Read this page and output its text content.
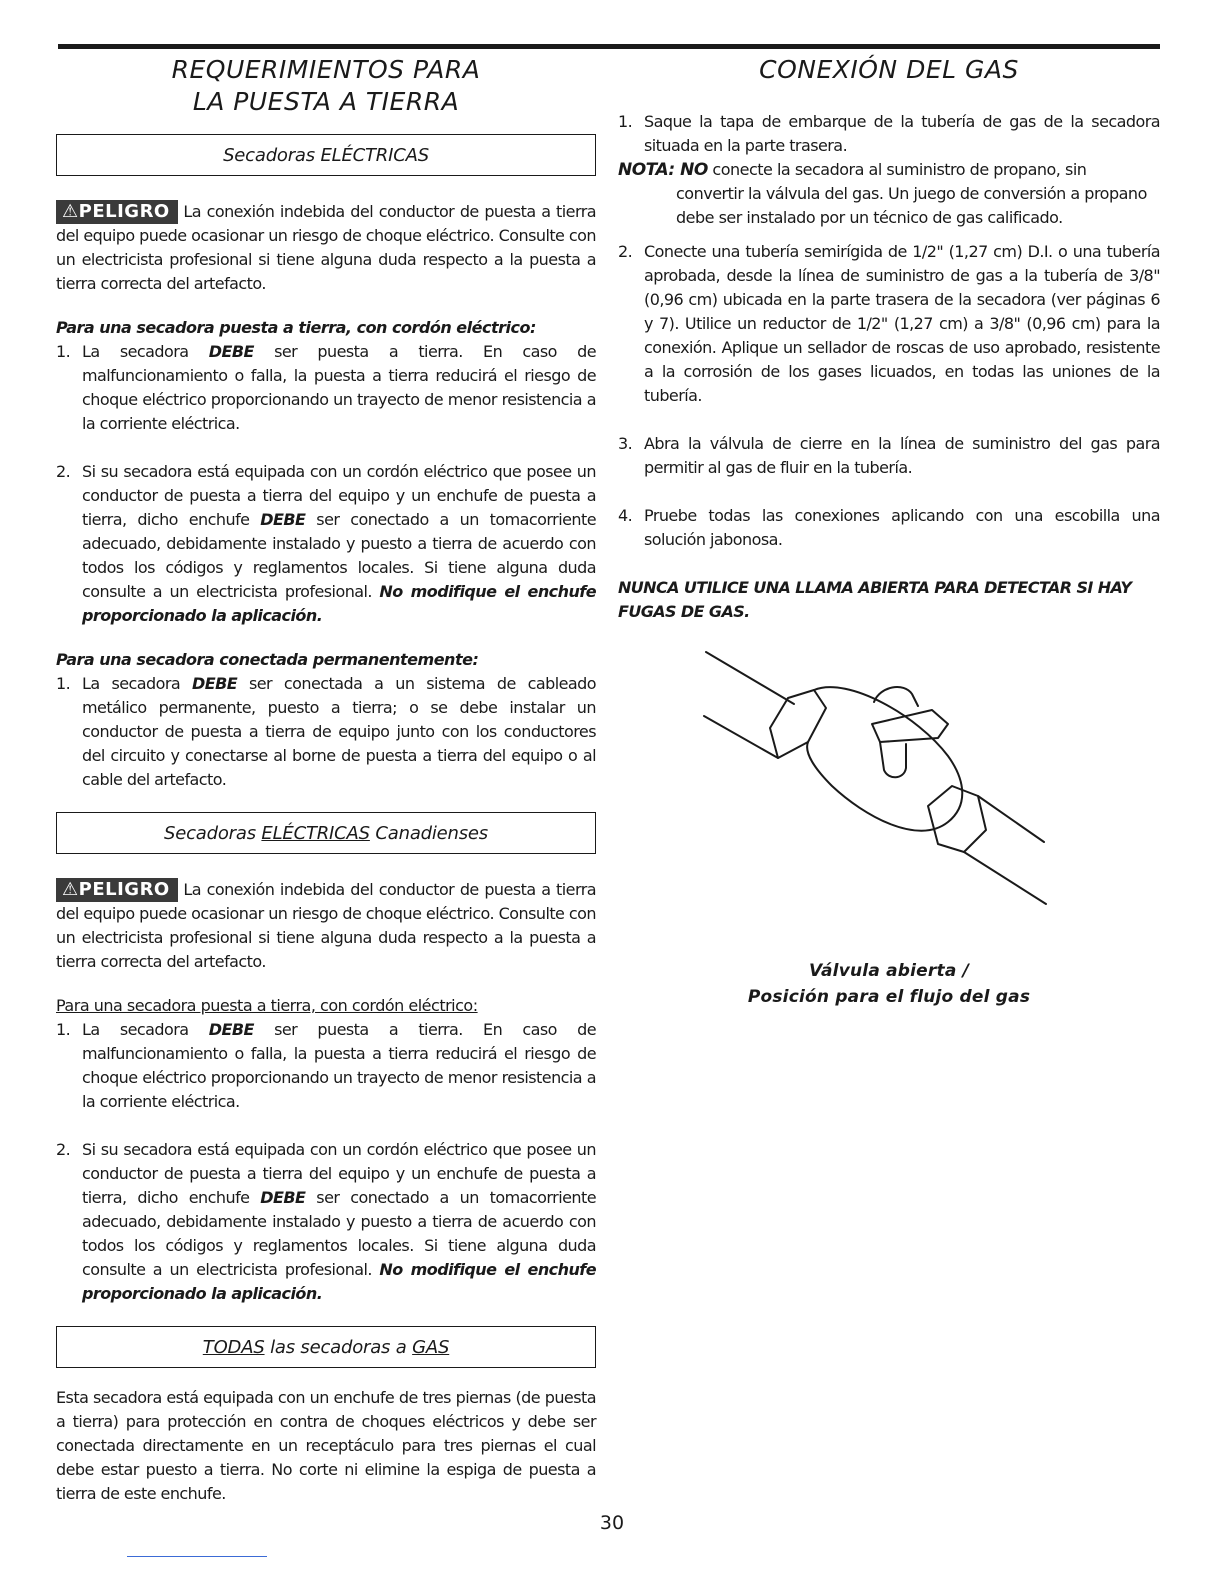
REQUERIMIENTOS PARA
LA PUESTA A TIERRA
Secadoras ELÉCTRICAS

⚠PELIGRO La conexión indebida del conductor de puesta a tierra del equipo puede ocasionar un riesgo de choque eléctrico. Consulte con un electricista profesional si tiene alguna duda respecto a la puesta a tierra correcta del artefacto.

Para una secadora puesta a tierra, con cordón eléctrico:

1. La secadora DEBE ser puesta a tierra. En caso de malfuncionamiento o falla, la puesta a tierra reducirá el riesgo de choque eléctrico proporcionando un trayecto de menor resistencia a la corriente eléctrica.
2. Si su secadora está equipada con un cordón eléctrico que posee un conductor de puesta a tierra del equipo y un enchufe de puesta a tierra, dicho enchufe DEBE ser conectado a un tomacorriente adecuado, debidamente instalado y puesto a tierra de acuerdo con todos los códigos y reglamentos locales. Si tiene alguna duda consulte a un electricista profesional. No modifique el enchufe proporcionado la aplicación.

Para una secadora conectada permanentemente:

1. La secadora DEBE ser conectada a un sistema de cableado metálico permanente, puesto a tierra; o se debe instalar un conductor de puesta a tierra de equipo junto con los conductores del circuito y conectarse al borne de puesta a tierra del equipo o al cable del artefacto.
Secadoras
ELÉCTRICAS
Canadienses

⚠PELIGRO La conexión indebida del conductor de puesta a tierra del equipo puede ocasionar un riesgo de choque eléctrico. Consulte con un electricista profesional si tiene alguna duda respecto a la puesta a tierra correcta del artefacto.

Para una secadora puesta a tierra, con cordón eléctrico:

1. La secadora DEBE ser puesta a tierra. En caso de malfuncionamiento o falla, la puesta a tierra reducirá el riesgo de choque eléctrico proporcionando un trayecto de menor resistencia a la corriente eléctrica.
2. Si su secadora está equipada con un cordón eléctrico que posee un conductor de puesta a tierra del equipo y un enchufe de puesta a tierra, dicho enchufe DEBE ser conectado a un tomacorriente adecuado, debidamente instalado y puesto a tierra de acuerdo con todos los códigos y reglamentos locales. Si tiene alguna duda consulte a un electricista profesional. No modifique el enchufe proporcionado la aplicación.
TODAS
las secadoras a
GAS

Esta secadora está equipada con un enchufe de tres piernas (de puesta a tierra) para protección en contra de choques eléctricos y debe ser conectada directamente en un receptáculo para tres piernas el cual debe estar puesto a tierra. No corte ni elimine la espiga de puesta a tierra de este enchufe.

CONEXIÓN DEL GAS
1. Saque la tapa de embarque de la tubería de gas de la secadora situada en la parte trasera.

NOTA: NO conecte la secadora al suministro de propano, sin

convertir la válvula del gas. Un juego de conversión a propano debe ser instalado por un técnico de gas calificado.

2. Conecte una tubería semirígida de 1/2" (1,27 cm) D.I. o una tubería aprobada, desde la línea de suministro de gas a la tubería de 3/8" (0,96 cm) ubicada en la parte trasera de la secadora (ver páginas 6 y 7). Utilice un reductor de 1/2" (1,27 cm) a 3/8" (0,96 cm) para la conexión. Aplique un sellador de roscas de uso aprobado, resistente a la corrosión de los gases licuados, en todas las uniones de la tubería.
3. Abra la válvula de cierre en la línea de suministro del gas para permitir al gas de fluir en la tubería.
4. Pruebe todas las conexiones aplicando con una escobilla una solución jabonosa.

NUNCA UTILICE UNA LLAMA ABIERTA PARA DETECTAR SI HAY FUGAS DE GAS.

Válvula abierta /
Posición para el flujo del gas

30
